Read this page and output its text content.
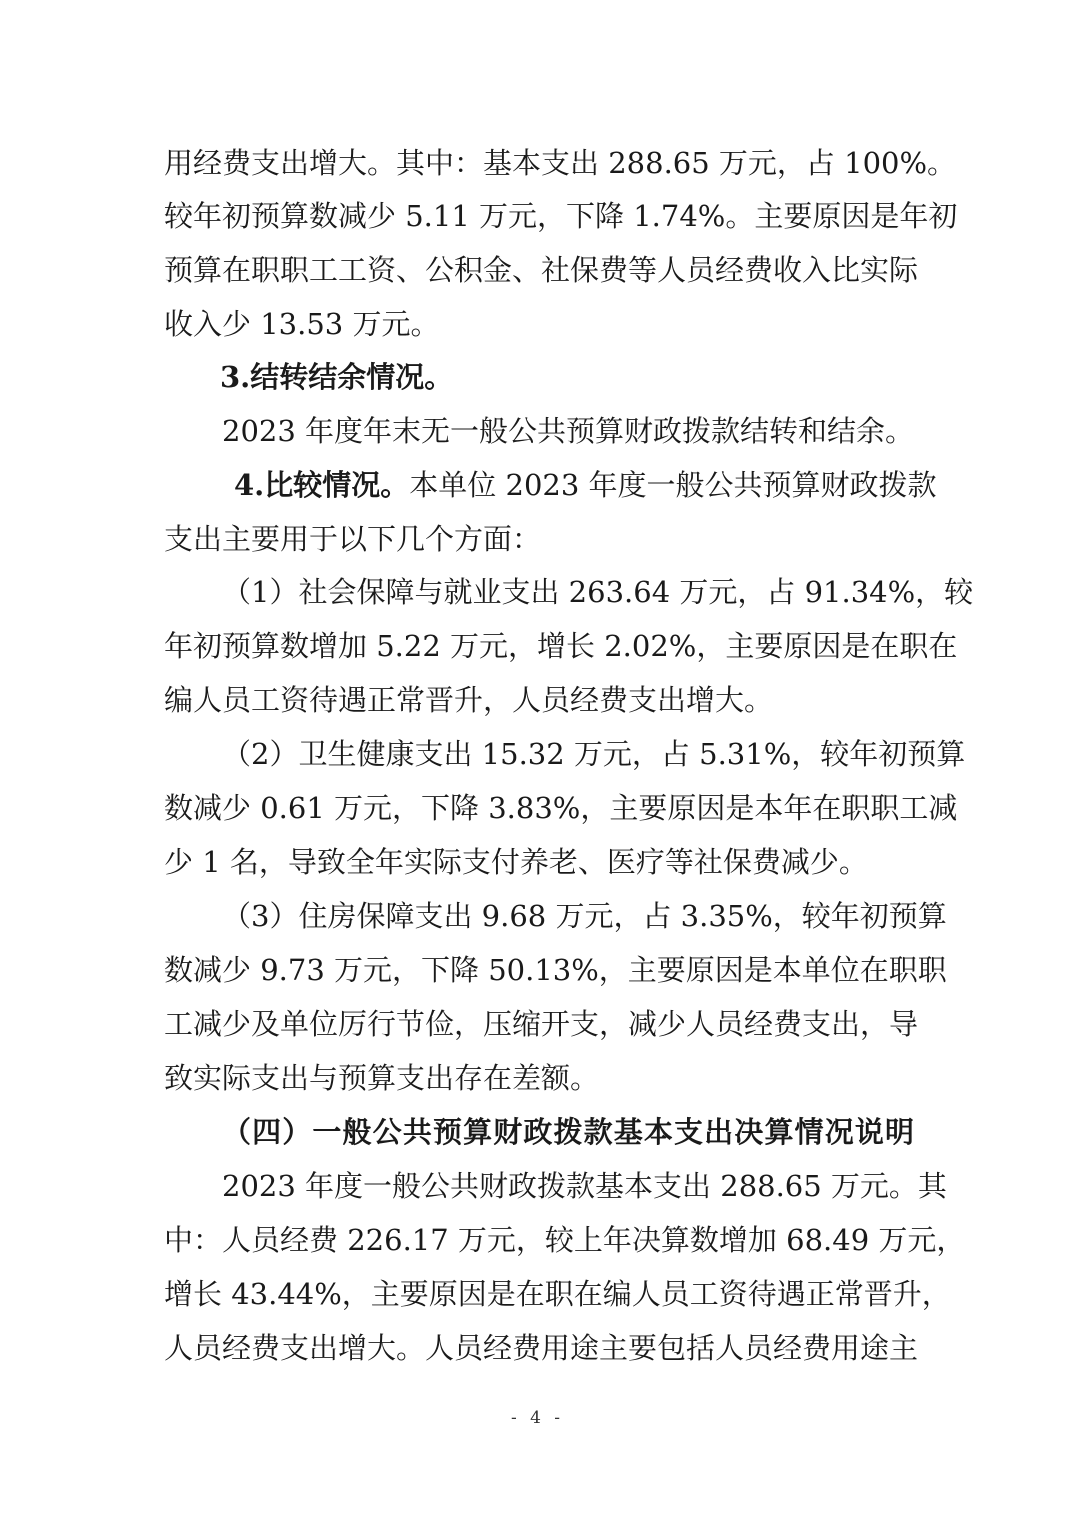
用经费支出增大。其中：基本支出 288.65 万元，占 100%。
较年初预算数减少 5.11 万元，下降 1.74%。主要原因是年初
预算在职职工工资、公积金、社保费等人员经费收入比实际
收入少 13.53 万元。
3.结转结余情况。
2023 年度年末无一般公共预算财政拨款结转和结余。
4.比较情况。本单位 2023 年度一般公共预算财政拨款
支出主要用于以下几个方面：
（1）社会保障与就业支出 263.64 万元，占 91.34%，较
年初预算数增加 5.22 万元，增长 2.02%，主要原因是在职在
编人员工资待遇正常晋升，人员经费支出增大。
（2）卫生健康支出 15.32 万元，占 5.31%，较年初预算
数减少 0.61 万元，下降 3.83%，主要原因是本年在职职工减
少 1 名，导致全年实际支付养老、医疗等社保费减少。
（3）住房保障支出 9.68 万元，占 3.35%，较年初预算
数减少 9.73 万元，下降 50.13%，主要原因是本单位在职职
工减少及单位厉行节俭，压缩开支，减少人员经费支出，导
致实际支出与预算支出存在差额。
（四）一般公共预算财政拨款基本支出决算情况说明
2023 年度一般公共财政拨款基本支出 288.65 万元。其
中：人员经费 226.17 万元，较上年决算数增加 68.49 万元，
增长 43.44%，主要原因是在职在编人员工资待遇正常晋升，
人员经费支出增大。人员经费用途主要包括人员经费用途主
- 4 -
